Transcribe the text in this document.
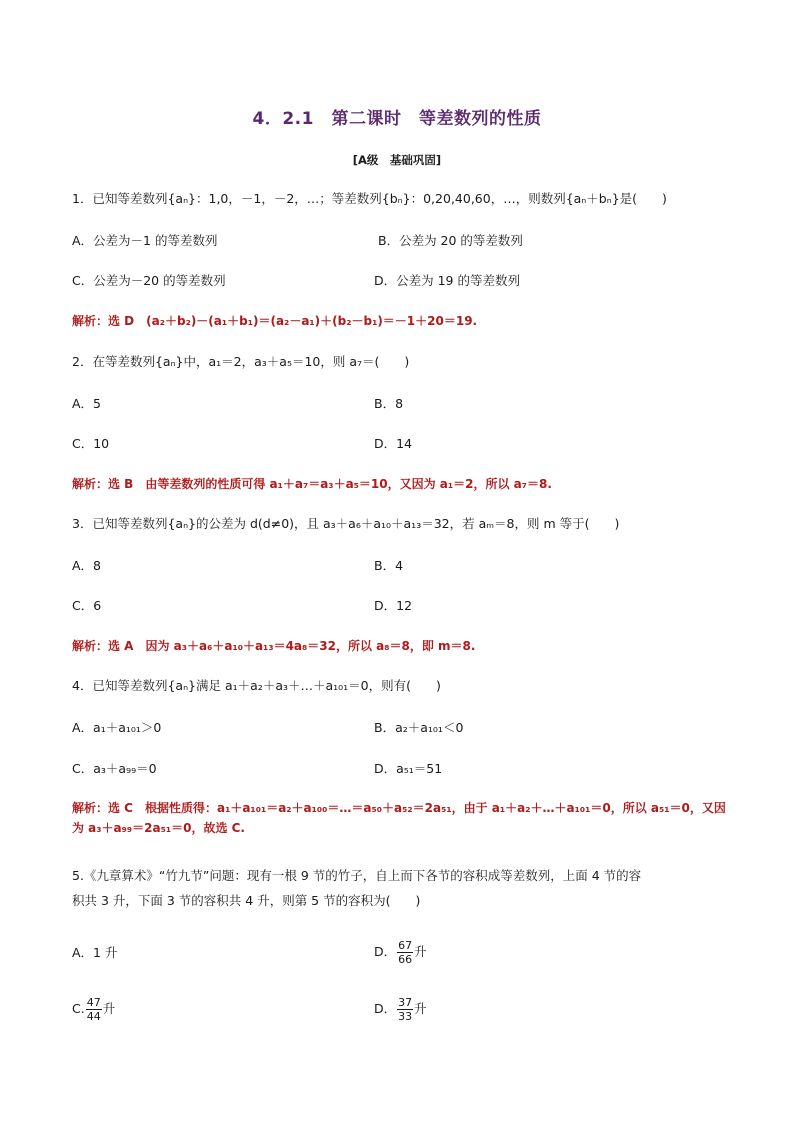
4．2.1　第二课时　等差数列的性质
[A级　基础巩固]
1．已知等差数列{aₙ}：1,0，－1，－2，…；等差数列{bₙ}：0,20,40,60，…，则数列{aₙ＋bₙ}是(　　)
A．公差为－1 的等差数列	B．公差为 20 的等差数列
C．公差为－20 的等差数列	D．公差为 19 的等差数列
解析：选 D　(a₂＋b₂)－(a₁＋b₁)＝(a₂－a₁)＋(b₂－b₁)＝－1＋20＝19.
2．在等差数列{aₙ}中，a₁＝2，a₃＋a₅＝10，则 a₇＝(　　)
A．5	B．8
C．10	D．14
解析：选 B　由等差数列的性质可得 a₁＋a₇＝a₃＋a₅＝10，又因为 a₁＝2，所以 a₇＝8.
3．已知等差数列{aₙ}的公差为 d(d≠0)，且 a₃＋a₆＋a₁₀＋a₁₃＝32，若 aₘ＝8，则 m 等于(　　)
A．8	B．4
C．6	D．12
解析：选 A　因为 a₃＋a₆＋a₁₀＋a₁₃＝4a₈＝32，所以 a₈＝8，即 m＝8.
4．已知等差数列{aₙ}满足 a₁＋a₂＋a₃＋…＋a₁₀₁＝0，则有(　　)
A．a₁＋a₁₀₁＞0	B．a₂＋a₁₀₁＜0
C．a₃＋a₉₉＝0	D．a₅₁＝51
解析：选 C　根据性质得：a₁＋a₁₀₁＝a₂＋a₁₀₀＝…＝a₅₀＋a₅₂＝2a₅₁，由于 a₁＋a₂＋…＋a₁₀₁＝0，所以 a₅₁＝0，又因为 a₃＋a₉₉＝2a₅₁＝0，故选 C.
5.《九章算术》“竹九节”问题：现有一根 9 节的竹子，自上而下各节的容积成等差数列，上面 4 节的容
积共 3 升，下面 3 节的容积共 4 升，则第 5 节的容积为(　　)
A．1 升	D． $\frac{67}{66}$ 升
C. $\frac{47}{44}$ 升	D． $\frac{37}{33}$ 升
